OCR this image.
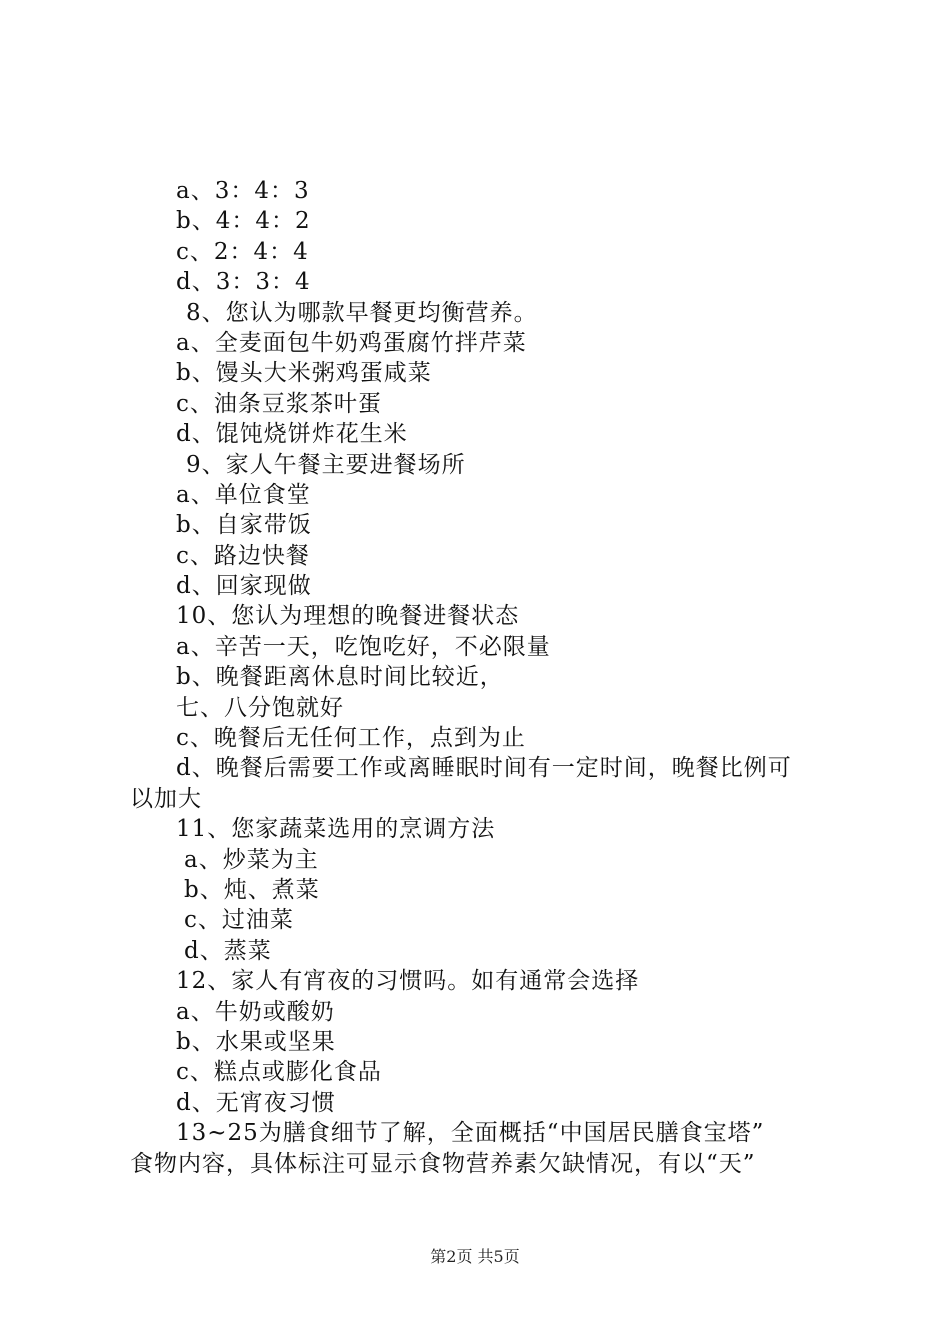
a、3：4：3
b、4：4：2
c、2：4：4
d、3：3：4
8、您认为哪款早餐更均衡营养。
a、全麦面包牛奶鸡蛋腐竹拌芹菜
b、馒头大米粥鸡蛋咸菜
c、油条豆浆茶叶蛋
d、馄饨烧饼炸花生米
9、家人午餐主要进餐场所
a、单位食堂
b、自家带饭
c、路边快餐
d、回家现做
10、您认为理想的晚餐进餐状态
a、辛苦一天，吃饱吃好，不必限量
b、晚餐距离休息时间比较近，
七、八分饱就好
c、晚餐后无任何工作，点到为止
d、晚餐后需要工作或离睡眠时间有一定时间，晚餐比例可
以加大
11、您家蔬菜选用的烹调方法
a、炒菜为主
b、炖、煮菜
c、过油菜
d、蒸菜
12、家人有宵夜的习惯吗。如有通常会选择
a、牛奶或酸奶
b、水果或坚果
c、糕点或膨化食品
d、无宵夜习惯
13~25为膳食细节了解，全面概括“中国居民膳食宝塔”
食物内容，具体标注可显示食物营养素欠缺情况，有以“天”
第2页 共5页
